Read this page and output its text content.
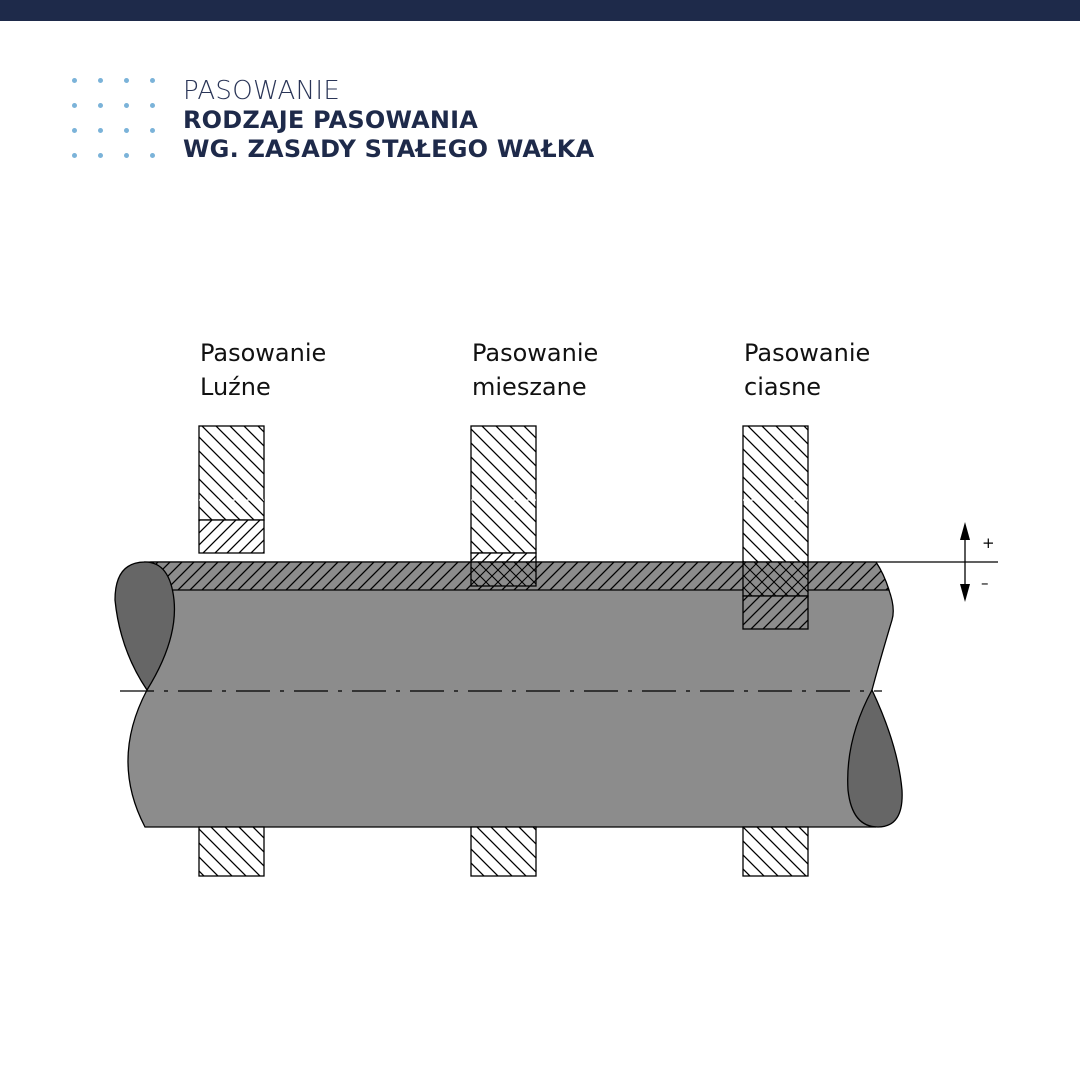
PASOWANIE
RODZAJE PASOWANIA
WG. ZASADY STAŁEGO WAŁKA
Pasowanie
Luźne
Pasowanie
mieszane
Pasowanie
ciasne
+
–
